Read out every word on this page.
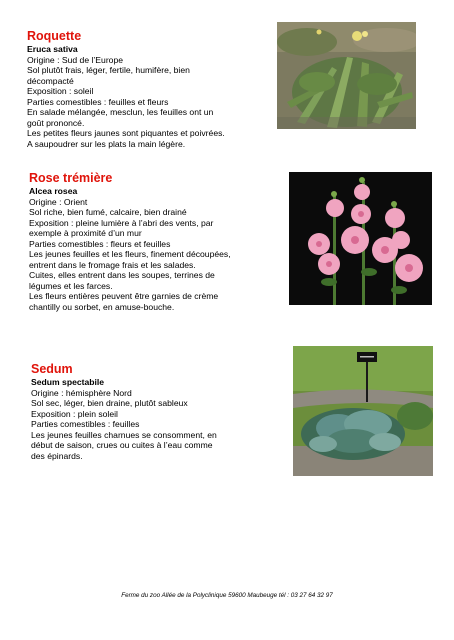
Roquette
Eruca sativa
Origine : Sud de l’Europe
Sol plutôt frais, léger, fertile, humifère, bien
décompacté
Exposition : soleil
Parties comestibles : feuilles et fleurs
En salade mélangée, mesclun, les feuilles ont un
goût prononcé.
Les petites fleurs jaunes sont piquantes et poivrées.
A saupoudrer sur les plats la main légère.
Rose trémière
Alcea rosea
Origine : Orient
Sol riche, bien fumé, calcaire, bien drainé
Exposition : pleine lumière à l’abri des vents, par
exemple à proximité d’un mur
Parties comestibles : fleurs et feuilles
Les jeunes feuilles et les fleurs, finement découpées,
entrent dans le fromage frais et les salades.
Cuites, elles entrent dans les soupes, terrines de
légumes et les farces.
Les fleurs entières peuvent être garnies de crème
chantilly ou sorbet, en amuse-bouche.
Sedum
Sedum spectabile
Origine : hémisphère Nord
Sol sec, léger, bien draine, plutôt sableux
Exposition : plein soleil
Parties comestibles : feuilles
Les jeunes feuilles charnues se consomment, en
début de saison, crues ou cuites à l’eau comme
des épinards.
Ferme du zoo Allée de la Polyclinique 59600 Maubeuge tél : 03 27 64 32 97
